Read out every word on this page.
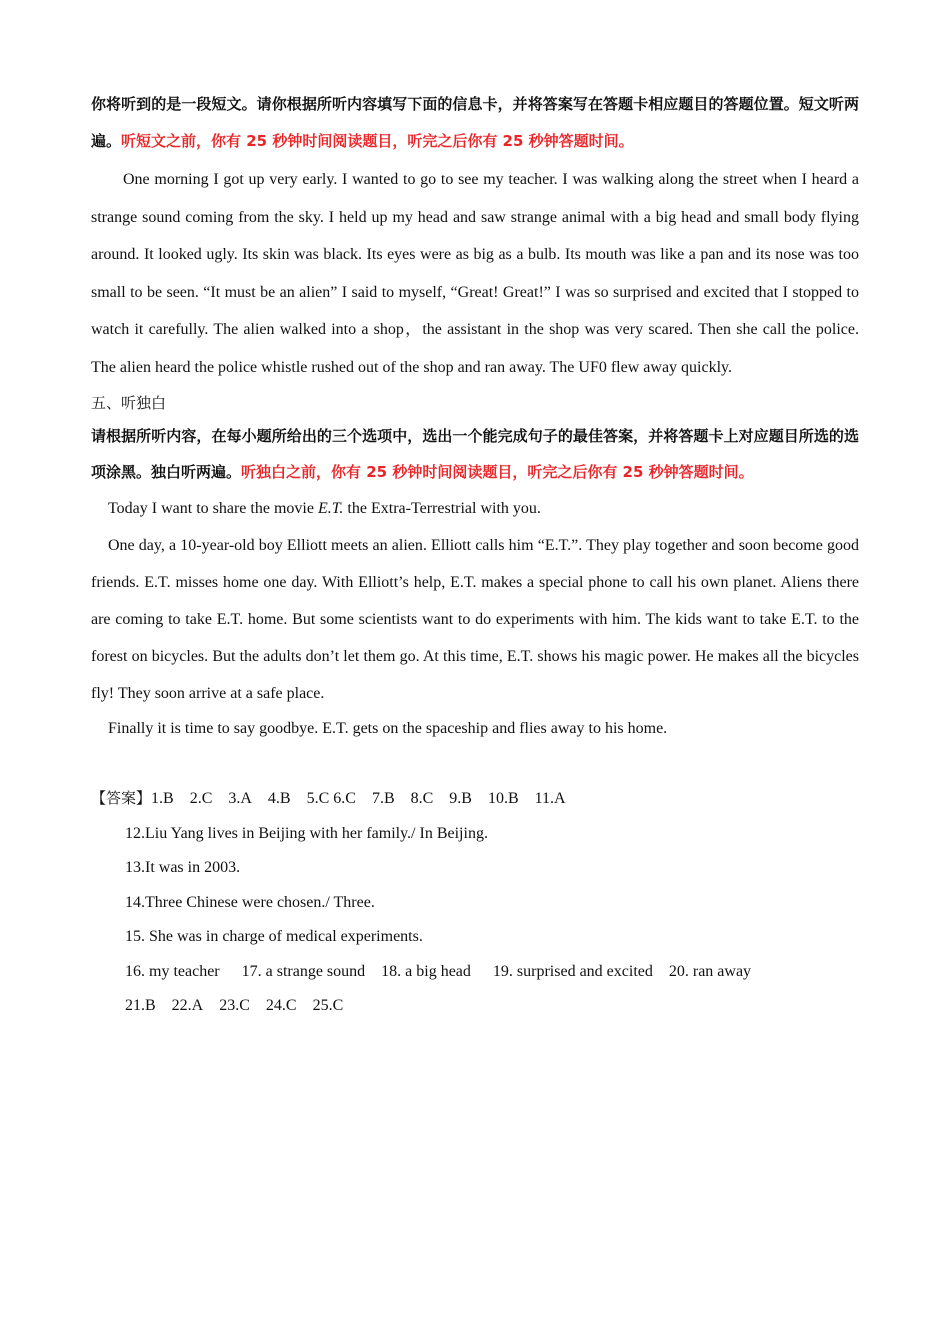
你将听到的是一段短文。请你根据所听内容填写下面的信息卡，并将答案写在答题卡相应题目的答题位置。短文听两遍。听短文之前，你有 25 秒钟时间阅读题目，听完之后你有 25 秒钟答题时间。

One morning I got up very early. I wanted to go to see my teacher. I was walking along the street when I heard a strange sound coming from the sky. I held up my head and saw strange animal with a big head and small body flying around. It looked ugly. Its skin was black. Its eyes were as big as a bulb. Its mouth was like a pan and its nose was too small to be seen. “It must be an alien” I said to myself, “Great! Great!” I was so surprised and excited that I stopped to watch it carefully. The alien walked into a shop，the assistant in the shop was very scared. Then she call the police. The alien heard the police whistle rushed out of the shop and ran away. The UF0 flew away quickly.

五、听独白

请根据所听内容，在每小题所给出的三个选项中，选出一个能完成句子的最佳答案，并将答题卡上对应题目所选的选项涂黑。独白听两遍。听独白之前，你有 25 秒钟时间阅读题目，听完之后你有 25 秒钟答题时间。

Today I want to share the movie E.T. the Extra-Terrestrial with you.

One day, a 10-year-old boy Elliott meets an alien. Elliott calls him “E.T.”. They play together and soon become good friends. E.T. misses home one day. With Elliott’s help, E.T. makes a special phone to call his own planet. Aliens there are coming to take E.T. home. But some scientists want to do experiments with him. The kids want to take E.T. to the forest on bicycles. But the adults don’t let them go. At this time, E.T. shows his magic power. He makes all the bicycles fly! They soon arrive at a safe place.

Finally it is time to say goodbye. E.T. gets on the spaceship and flies away to his home.

【答案】1.B 2.C 3.A 4.B 5.C 6.C 7.B 8.C 9.B 10.B 11.A
12.Liu Yang lives in Beijing with her family./ In Beijing.
13.It was in 2003.
14.Three Chinese were chosen./ Three.
15. She was in charge of medical experiments.
16. my teacher 17. a strange sound 18. a big head 19. surprised and excited 20. ran away
21.B 22.A 23.C 24.C 25.C
